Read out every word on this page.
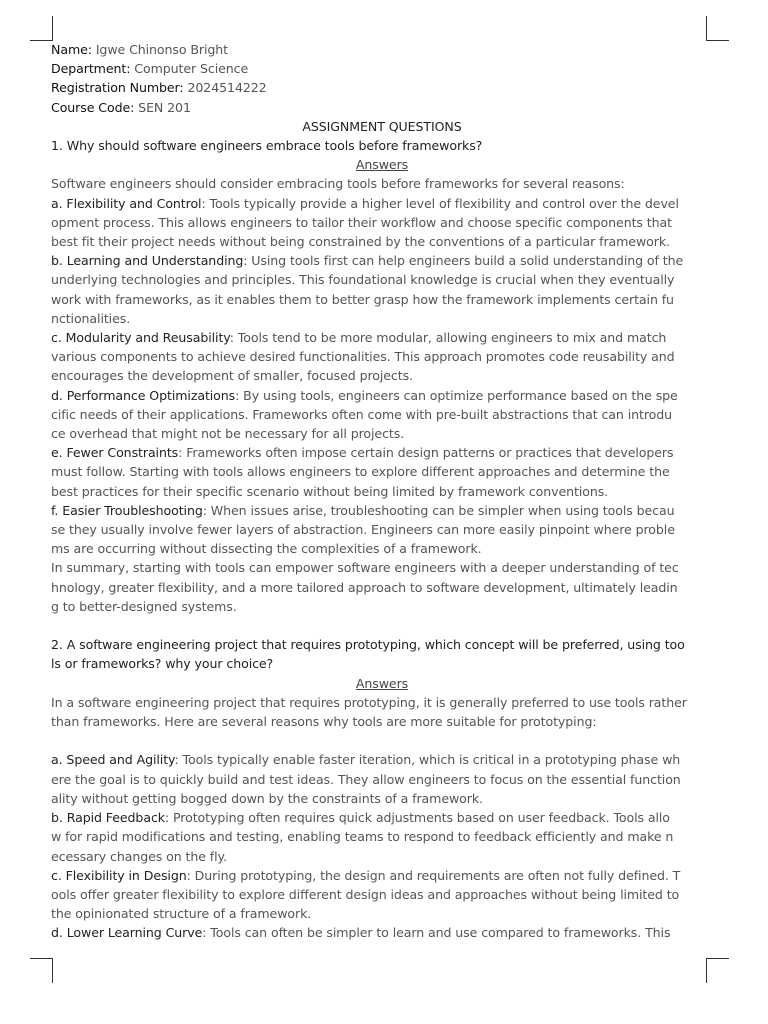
Name: Igwe Chinonso Bright
Department: Computer Science
Registration Number: 2024514222
Course Code: SEN 201
ASSIGNMENT QUESTIONS
1. Why should software engineers embrace tools before frameworks?
Answers
Software engineers should consider embracing tools before frameworks for several reasons:
a. Flexibility and Control: Tools typically provide a higher level of flexibility and control over the devel
opment process. This allows engineers to tailor their workflow and choose specific components that
best fit their project needs without being constrained by the conventions of a particular framework.
b. Learning and Understanding: Using tools first can help engineers build a solid understanding of the
underlying technologies and principles. This foundational knowledge is crucial when they eventually
work with frameworks, as it enables them to better grasp how the framework implements certain fu
nctionalities.
c. Modularity and Reusability: Tools tend to be more modular, allowing engineers to mix and match
various components to achieve desired functionalities. This approach promotes code reusability and
encourages the development of smaller, focused projects.
d. Performance Optimizations: By using tools, engineers can optimize performance based on the spe
cific needs of their applications. Frameworks often come with pre-built abstractions that can introdu
ce overhead that might not be necessary for all projects.
e. Fewer Constraints: Frameworks often impose certain design patterns or practices that developers
must follow. Starting with tools allows engineers to explore different approaches and determine the
best practices for their specific scenario without being limited by framework conventions.
f. Easier Troubleshooting: When issues arise, troubleshooting can be simpler when using tools becau
se they usually involve fewer layers of abstraction. Engineers can more easily pinpoint where proble
ms are occurring without dissecting the complexities of a framework.
In summary, starting with tools can empower software engineers with a deeper understanding of tec
hnology, greater flexibility, and a more tailored approach to software development, ultimately leadin
g to better-designed systems.
2. A software engineering project that requires prototyping, which concept will be preferred, using too
ls or frameworks? why your choice?
Answers
In a software engineering project that requires prototyping, it is generally preferred to use tools rather
than frameworks. Here are several reasons why tools are more suitable for prototyping:
a. Speed and Agility: Tools typically enable faster iteration, which is critical in a prototyping phase wh
ere the goal is to quickly build and test ideas. They allow engineers to focus on the essential function
ality without getting bogged down by the constraints of a framework.
b. Rapid Feedback: Prototyping often requires quick adjustments based on user feedback. Tools allo
w for rapid modifications and testing, enabling teams to respond to feedback efficiently and make n
ecessary changes on the fly.
c. Flexibility in Design: During prototyping, the design and requirements are often not fully defined. T
ools offer greater flexibility to explore different design ideas and approaches without being limited to
the opinionated structure of a framework.
d. Lower Learning Curve: Tools can often be simpler to learn and use compared to frameworks. This
